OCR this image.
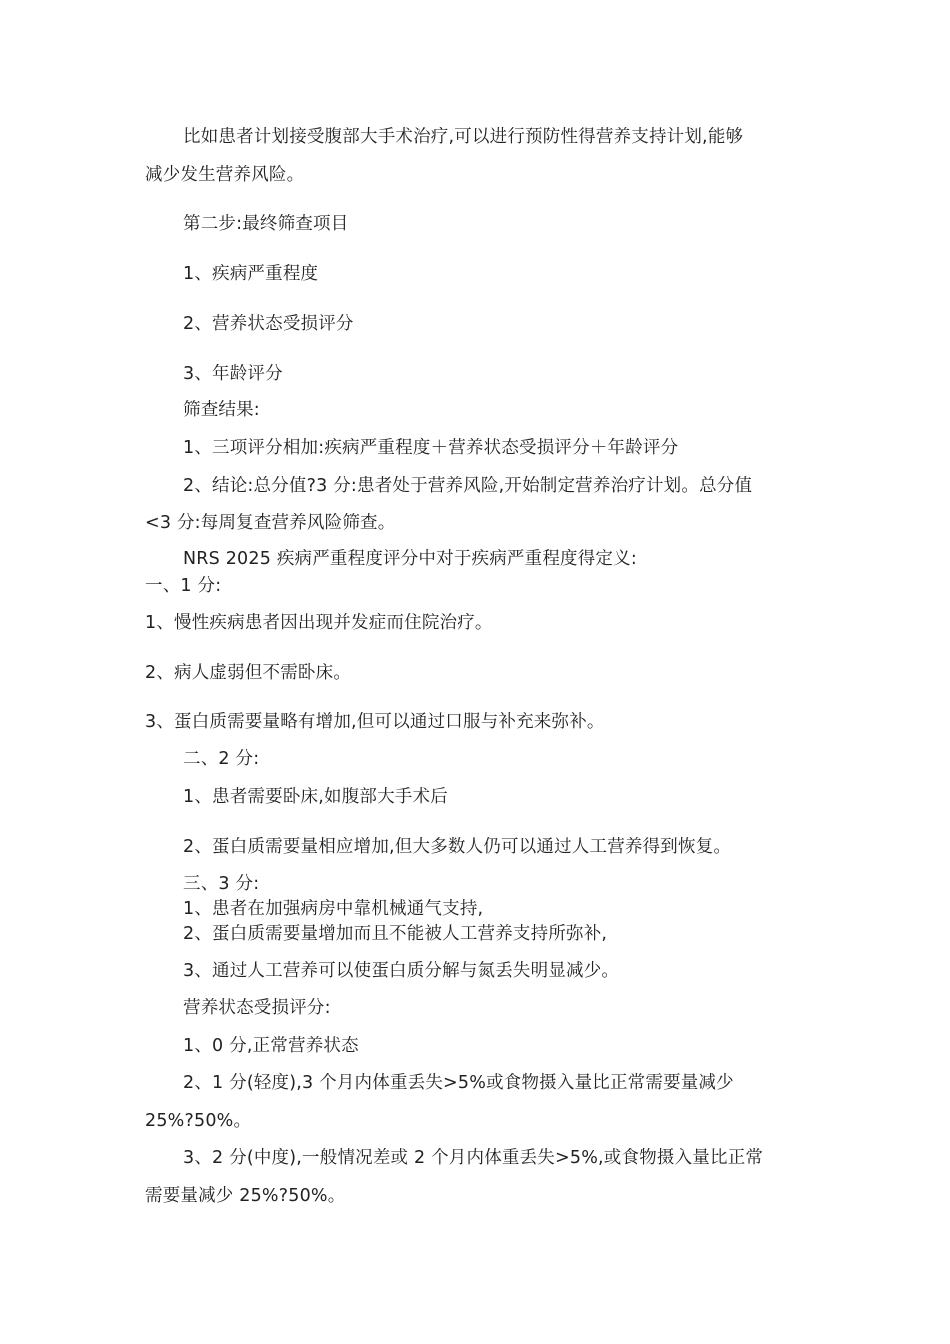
比如患者计划接受腹部大手术治疗,可以进行预防性得营养支持计划,能够
减少发生营养风险。
第二步:最终筛查项目
1、疾病严重程度
2、营养状态受损评分
3、年龄评分
筛查结果:
1、三项评分相加:疾病严重程度＋营养状态受损评分＋年龄评分
2、结论:总分值?3 分:患者处于营养风险,开始制定营养治疗计划。总分值
<3 分:每周复查营养风险筛查。
NRS 2025 疾病严重程度评分中对于疾病严重程度得定义:
一、1 分:
1、慢性疾病患者因出现并发症而住院治疗。
2、病人虚弱但不需卧床。
3、蛋白质需要量略有增加,但可以通过口服与补充来弥补。
二、2 分:
1、患者需要卧床,如腹部大手术后
2、蛋白质需要量相应增加,但大多数人仍可以通过人工营养得到恢复。
三、3 分:
1、患者在加强病房中靠机械通气支持,
2、蛋白质需要量增加而且不能被人工营养支持所弥补,
3、通过人工营养可以使蛋白质分解与氮丢失明显减少。
营养状态受损评分:
1、0 分,正常营养状态
2、1 分(轻度),3 个月内体重丢失>5%或食物摄入量比正常需要量减少
25%?50%。
3、2 分(中度),一般情况差或 2 个月内体重丢失>5%,或食物摄入量比正常
需要量减少 25%?50%。
